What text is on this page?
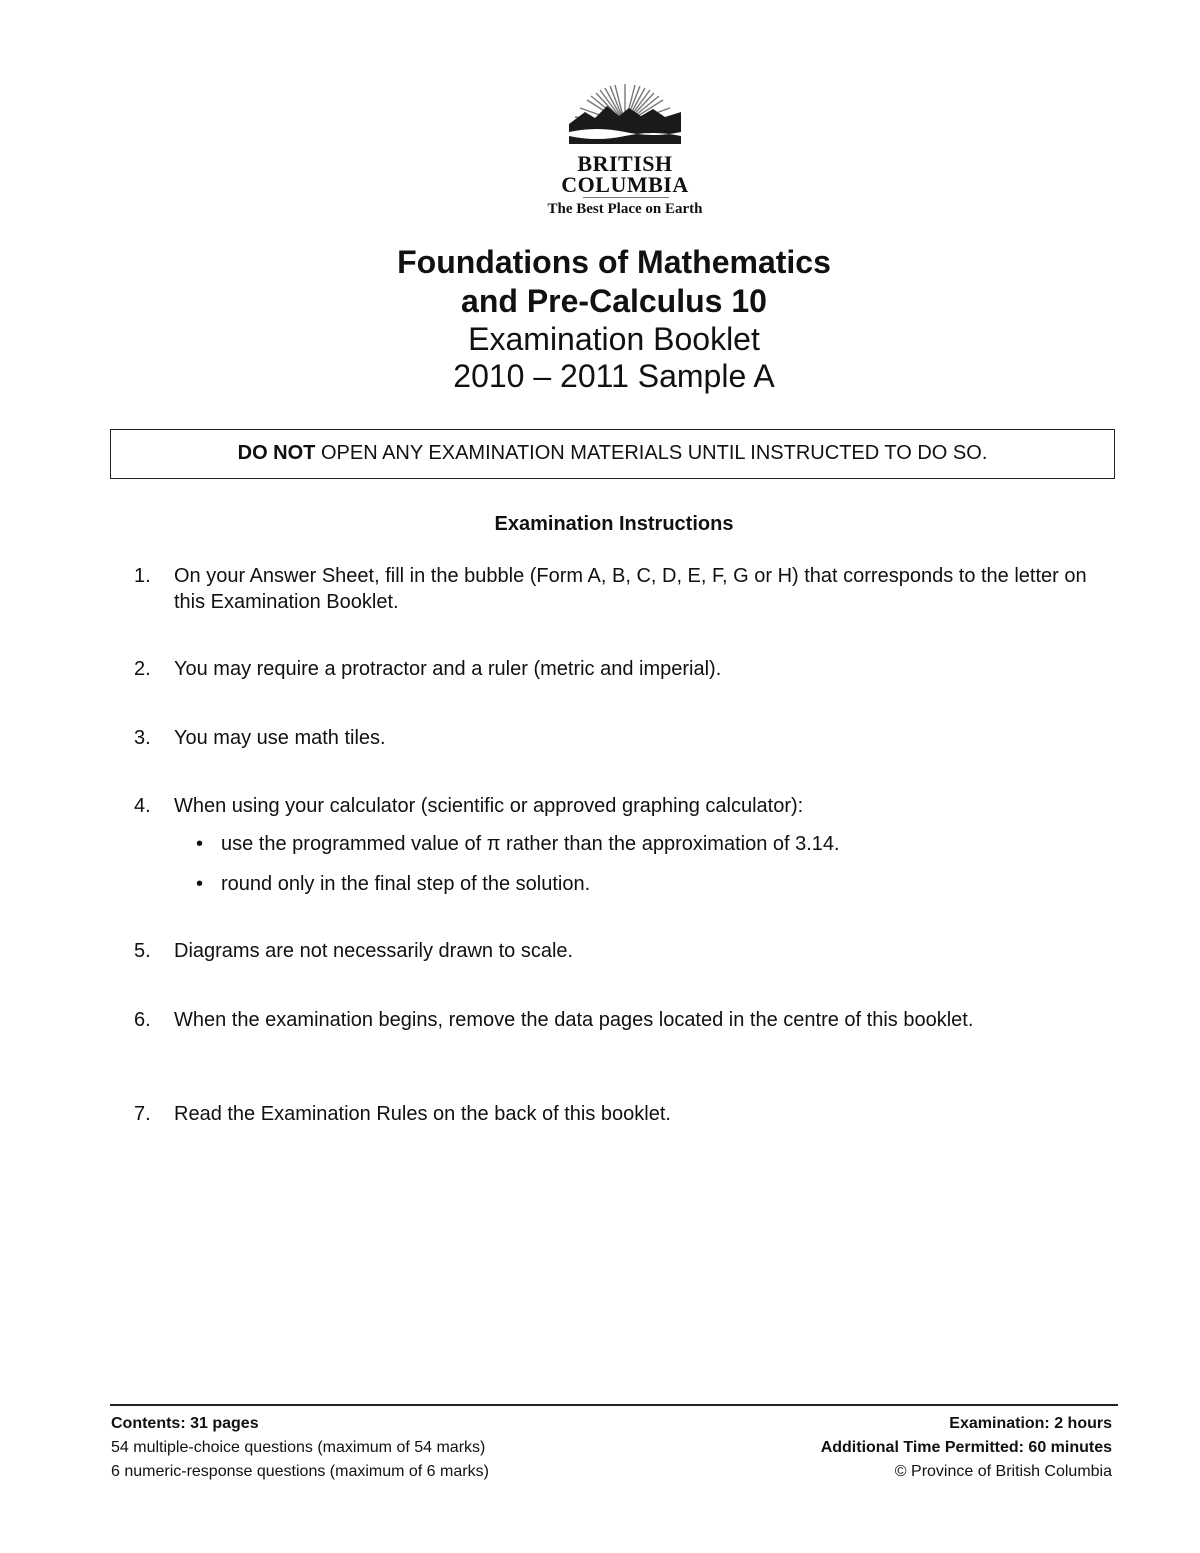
BRITISH
COLUMBIA
The Best Place on Earth
Foundations of Mathematics
and Pre-Calculus 10
Examination Booklet
2010 – 2011 Sample A
DO NOT OPEN ANY EXAMINATION MATERIALS UNTIL INSTRUCTED TO DO SO.
Examination Instructions
1.	On your Answer Sheet, fill in the bubble (Form A, B, C, D, E, F, G or H) that corresponds to the letter on this Examination Booklet.
2.	You may require a protractor and a ruler (metric and imperial).
3.	You may use math tiles.
4.	When using your calculator (scientific or approved graphing calculator):
• use the programmed value of π rather than the approximation of 3.14.
• round only in the final step of the solution.
5.	Diagrams are not necessarily drawn to scale.
6.	When the examination begins, remove the data pages located in the centre of this booklet.
7.	Read the Examination Rules on the back of this booklet.
Contents: 31 pages
54 multiple-choice questions (maximum of 54 marks)
6 numeric-response questions (maximum of 6 marks)
Examination: 2 hours
Additional Time Permitted: 60 minutes
© Province of British Columbia
